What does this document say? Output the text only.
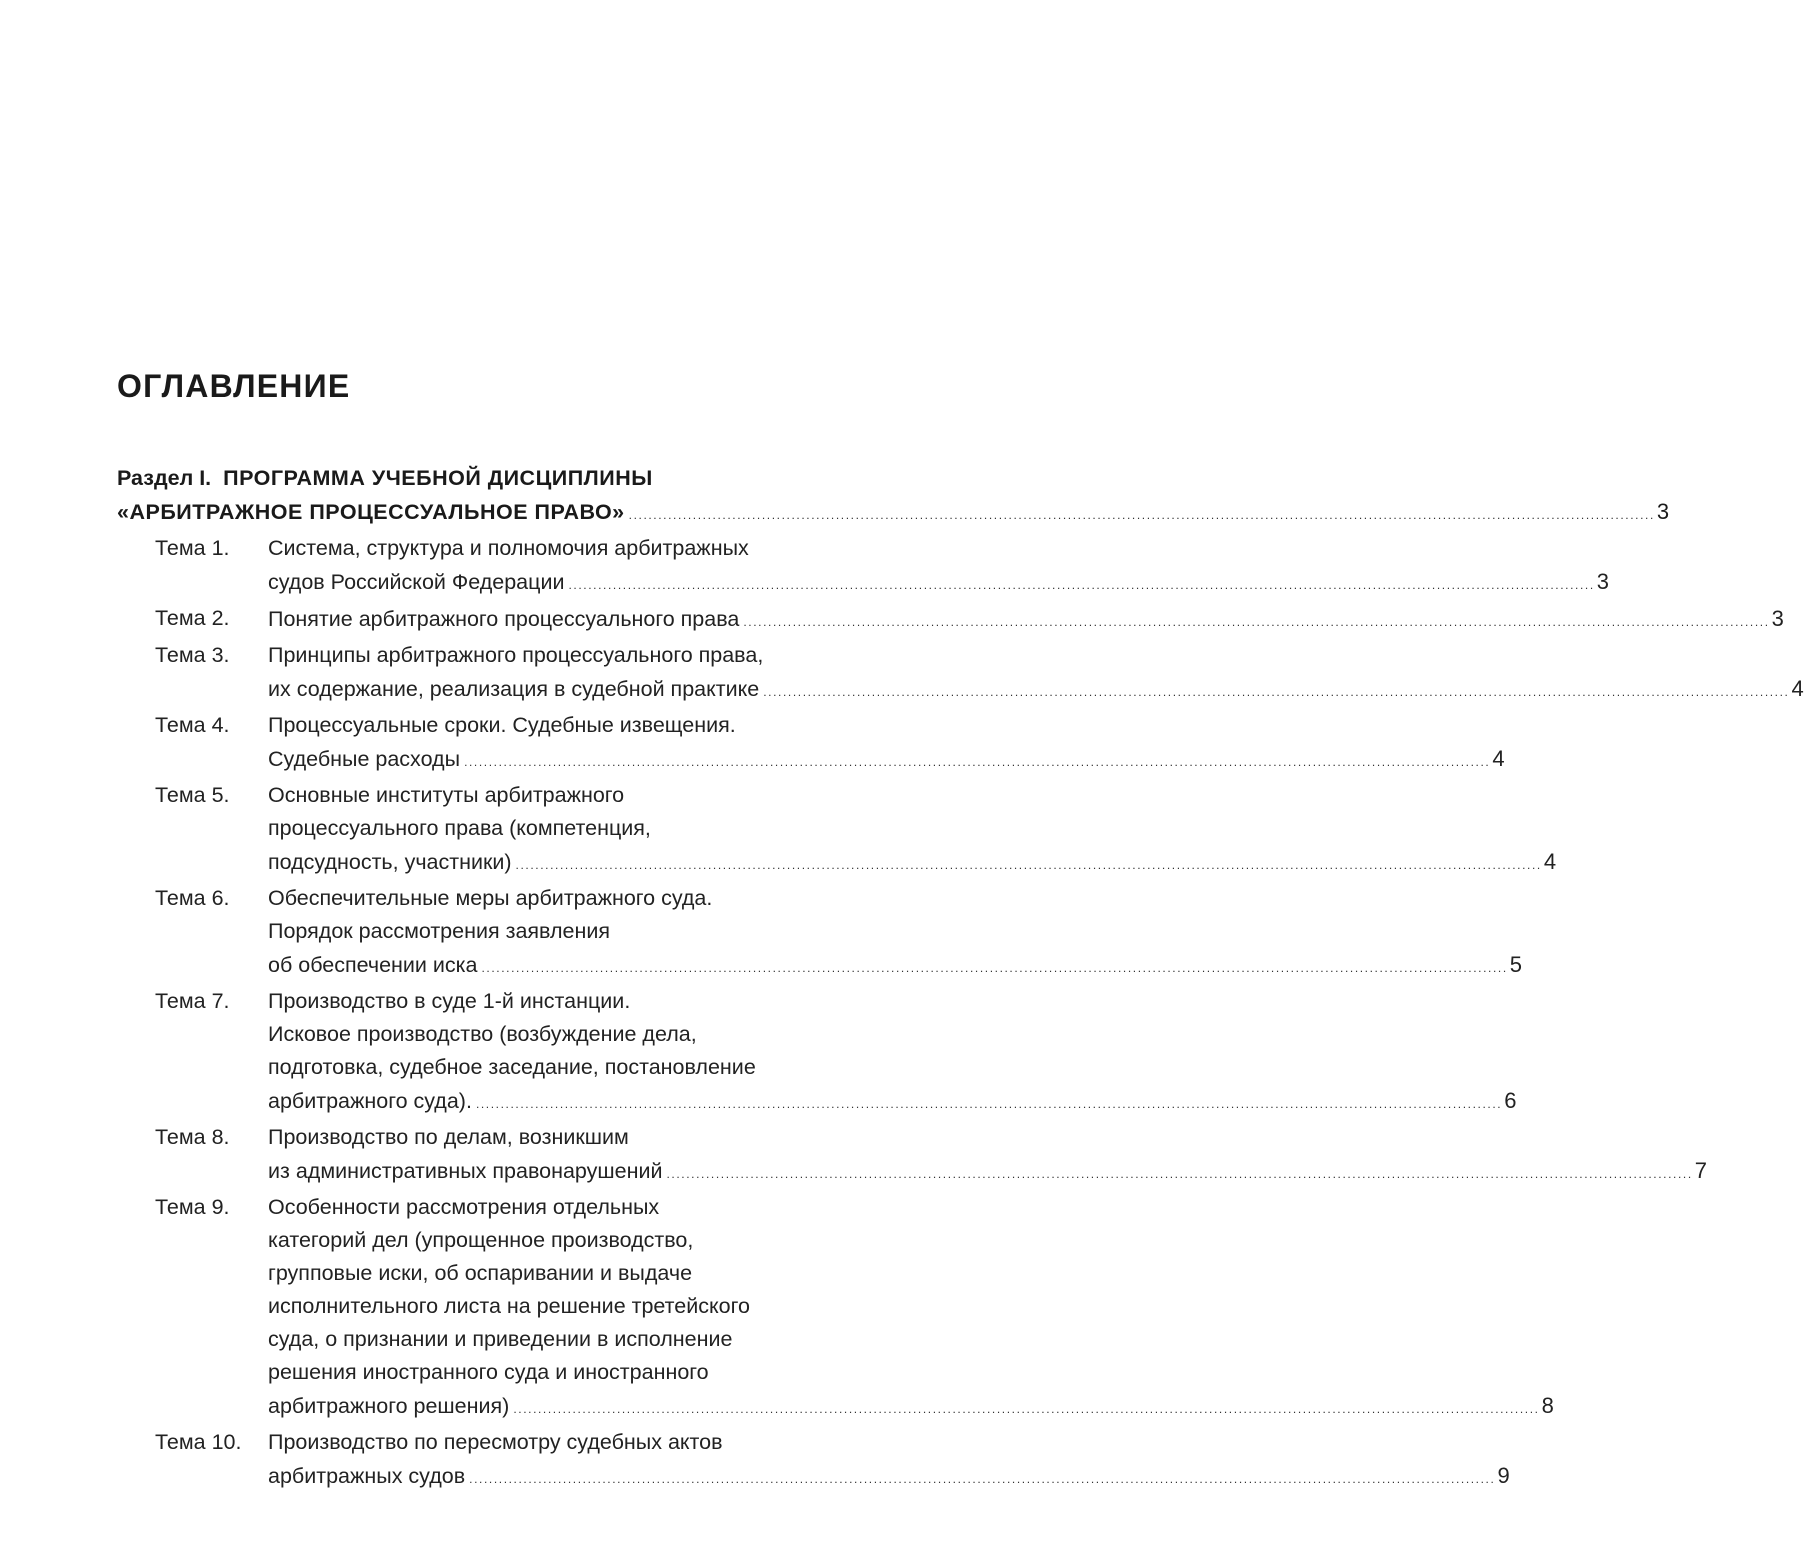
ОГЛАВЛЕНИЕ
Раздел I. ПРОГРАММА УЧЕБНОЙ ДИСЦИПЛИНЫ
«АРБИТРАЖНОЕ ПРОЦЕССУАЛЬНОЕ ПРАВО» .....	3
Тема 1.	Система, структура и полномочия арбитражных
судов Российской Федерации .....	3
Тема 2.	Понятие арбитражного процессуального права .....	3
Тема 3.	Принципы арбитражного процессуального права,
их содержание, реализация в судебной практике .....	4
Тема 4.	Процессуальные сроки. Судебные извещения.
Судебные расходы .....	4
Тема 5.	Основные институты арбитражного
процессуального права (компетенция,
подсудность, участники) .....	4
Тема 6.	Обеспечительные меры арбитражного суда.
Порядок рассмотрения заявления
об обеспечении иска .....	5
Тема 7.	Производство в суде 1-й инстанции.
Исковое производство (возбуждение дела,
подготовка, судебное заседание, постановление
арбитражного суда). .....	6
Тема 8.	Производство по делам, возникшим
из административных правонарушений .....	7
Тема 9.	Особенности рассмотрения отдельных
категорий дел (упрощенное производство,
групповые иски, об оспаривании и выдаче
исполнительного листа на решение третейского
суда, о признании и приведении в исполнение
решения иностранного суда и иностранного
арбитражного решения) .....	8
Тема 10.	Производство по пересмотру судебных актов
арбитражных судов .....	9
